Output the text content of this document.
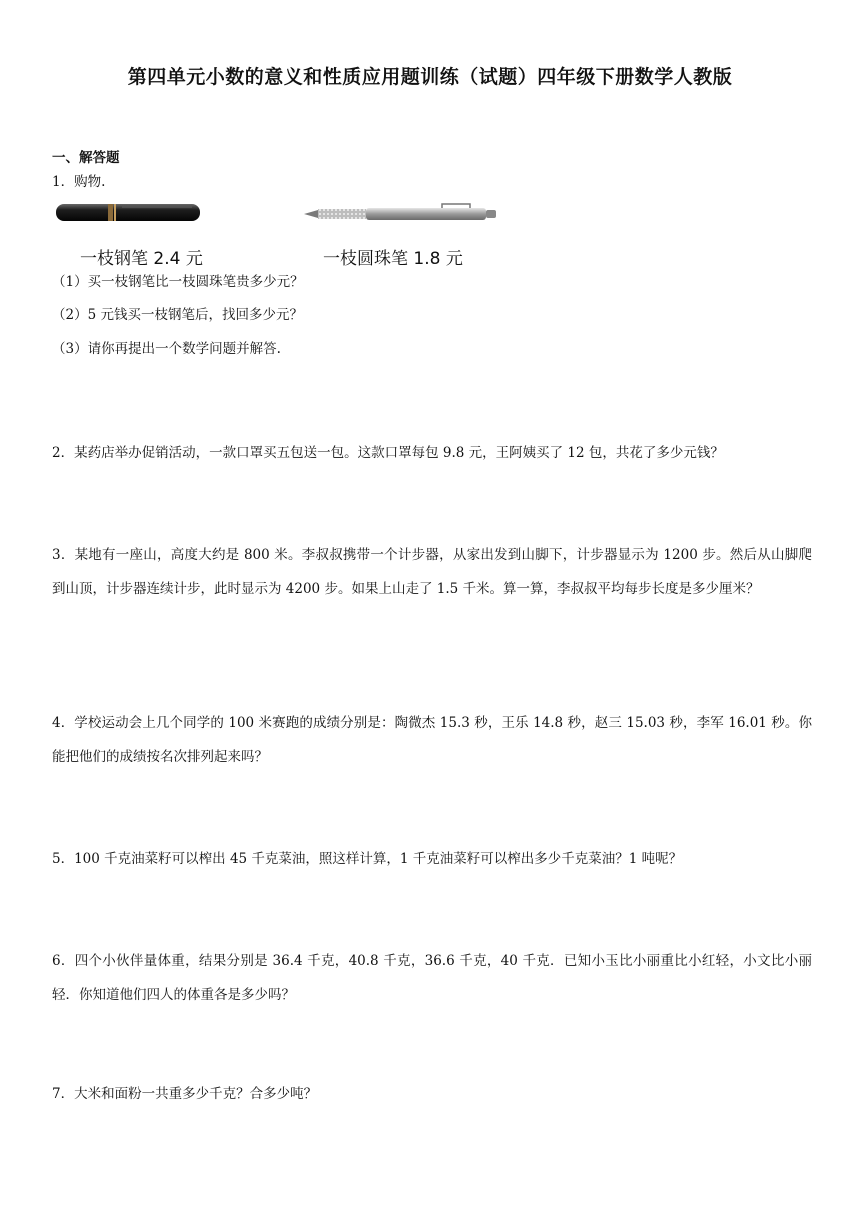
第四单元小数的意义和性质应用题训练（试题）四年级下册数学人教版
一、解答题
1．购物.
一枝钢笔 2.4 元	一枝圆珠笔 1.8 元
（1）买一枝钢笔比一枝圆珠笔贵多少元？
（2）5 元钱买一枝钢笔后，找回多少元？
（3）请你再提出一个数学问题并解答.
2．某药店举办促销活动，一款口罩买五包送一包。这款口罩每包 9.8 元，王阿姨买了 12 包，共花了多少元钱？
3．某地有一座山，高度大约是 800 米。李叔叔携带一个计步器，从家出发到山脚下，计步器显示为 1200 步。然后从山脚爬到山顶，计步器连续计步，此时显示为 4200 步。如果上山走了 1.5 千米。算一算，李叔叔平均每步长度是多少厘米？
4．学校运动会上几个同学的 100 米赛跑的成绩分别是：陶微杰 15.3 秒，王乐 14.8 秒，赵三 15.03 秒，李军 16.01 秒。你能把他们的成绩按名次排列起来吗？
5．100 千克油菜籽可以榨出 45 千克菜油，照这样计算，1 千克油菜籽可以榨出多少千克菜油？1 吨呢？
6．四个小伙伴量体重，结果分别是 36.4 千克，40.8 千克，36.6 千克，40 千克．已知小玉比小丽重比小红轻，小文比小丽轻．你知道他们四人的体重各是多少吗？
7．大米和面粉一共重多少千克？合多少吨？
